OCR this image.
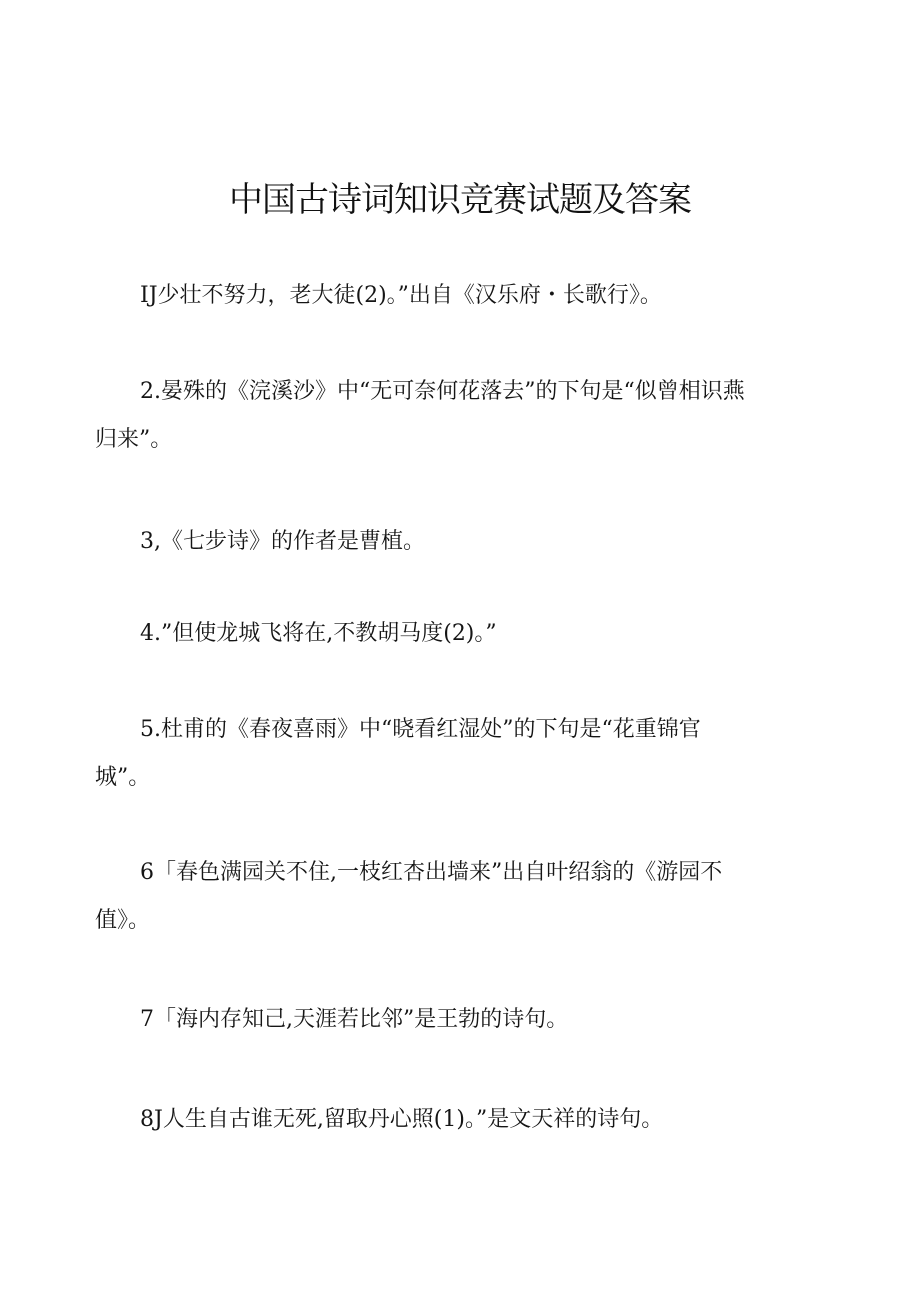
中国古诗词知识竞赛试题及答案
IJ少壮不努力，老大徒(2)。”出自《汉乐府・长歌行》。
2.晏殊的《浣溪沙》中“无可奈何花落去”的下句是“似曾相识燕
归来”。
3,《七步诗》的作者是曹植。
4.”但使龙城飞将在,不教胡马度(2)。”
5.杜甫的《春夜喜雨》中“晓看红湿处”的下句是“花重锦官
城”。
6「春色满园关不住,一枝红杏出墙来”出自叶绍翁的《游园不
值》。
7「海内存知己,天涯若比邻”是王勃的诗句。
8J人生自古谁无死,留取丹心照(1)。”是文天祥的诗句。
